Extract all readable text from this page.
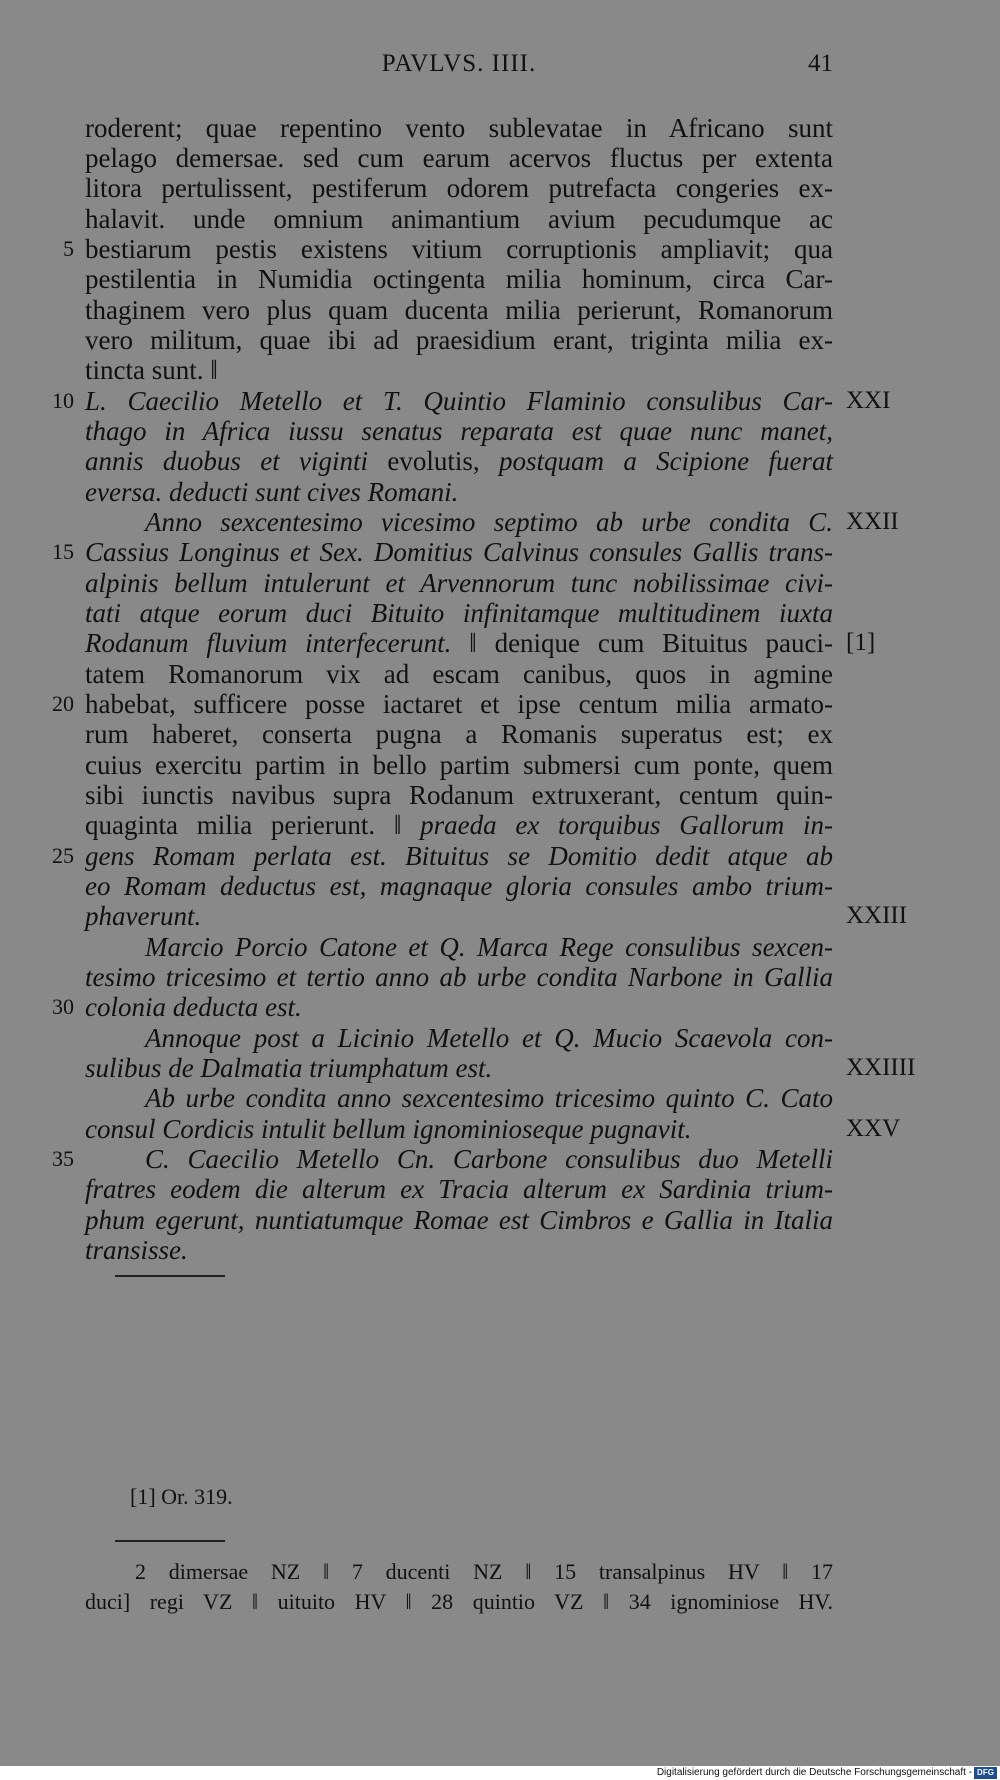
PAVLVS. IIII.	41
roderent; quae repentino vento sublevatae in Africano sunt
pelago demersae. sed cum earum acervos fluctus per extenta
litora pertulissent, pestiferum odorem putrefacta congeries ex-
halavit. unde omnium animantium avium pecudumque ac
bestiarum pestis existens vitium corruptionis ampliavit; qua
pestilentia in Numidia octingenta milia hominum, circa Car-
thaginem vero plus quam ducenta milia perierunt, Romanorum
vero militum, quae ibi ad praesidium erant, triginta milia ex-
tincta sunt. ‖
L. Caecilio Metello et T. Quintio Flaminio consulibus Car-
thago in Africa iussu senatus reparata est quae nunc manet,
annis duobus et viginti evolutis, postquam a Scipione fuerat
eversa. deducti sunt cives Romani.
Anno sexcentesimo vicesimo septimo ab urbe condita C.
Cassius Longinus et Sex. Domitius Calvinus consules Gallis trans-
alpinis bellum intulerunt et Arvennorum tunc nobilissimae civi-
tati atque eorum duci Bituito infinitamque multitudinem iuxta
Rodanum fluvium interfecerunt. ‖ denique cum Bituitus pauci-
tatem Romanorum vix ad escam canibus, quos in agmine
habebat, sufficere posse iactaret et ipse centum milia armato-
rum haberet, conserta pugna a Romanis superatus est; ex
cuius exercitu partim in bello partim submersi cum ponte, quem
sibi iunctis navibus supra Rodanum extruxerant, centum quin-
quaginta milia perierunt. ‖ praeda ex torquibus Gallorum in-
gens Romam perlata est. Bituitus se Domitio dedit atque ab
eo Romam deductus est, magnaque gloria consules ambo trium-
phaverunt.
Marcio Porcio Catone et Q. Marca Rege consulibus sexcen-
tesimo tricesimo et tertio anno ab urbe condita Narbone in Gallia
colonia deducta est.
Annoque post a Licinio Metello et Q. Mucio Scaevola con-
sulibus de Dalmatia triumphatum est.
Ab urbe condita anno sexcentesimo tricesimo quinto C. Cato
consul Cordicis intulit bellum ignominioseque pugnavit.
C. Caecilio Metello Cn. Carbone consulibus duo Metelli
fratres eodem die alterum ex Tracia alterum ex Sardinia trium-
phum egerunt, nuntiatumque Romae est Cimbros e Gallia in Italia
transisse.
5
10
15
20
25
30
35
XXI
XXII
[1]
XXIII
XXIIII
XXV
[1] Or. 319.
2 dimersae NZ ‖ 7 ducenti NZ ‖ 15 transalpinus HV ‖ 17
duci] regi VZ ‖ uituito HV ‖ 28 quintio VZ ‖ 34 ignominiose HV.
Digitalisierung gefördert durch die Deutsche Forschungsgemeinschaft - DFG
